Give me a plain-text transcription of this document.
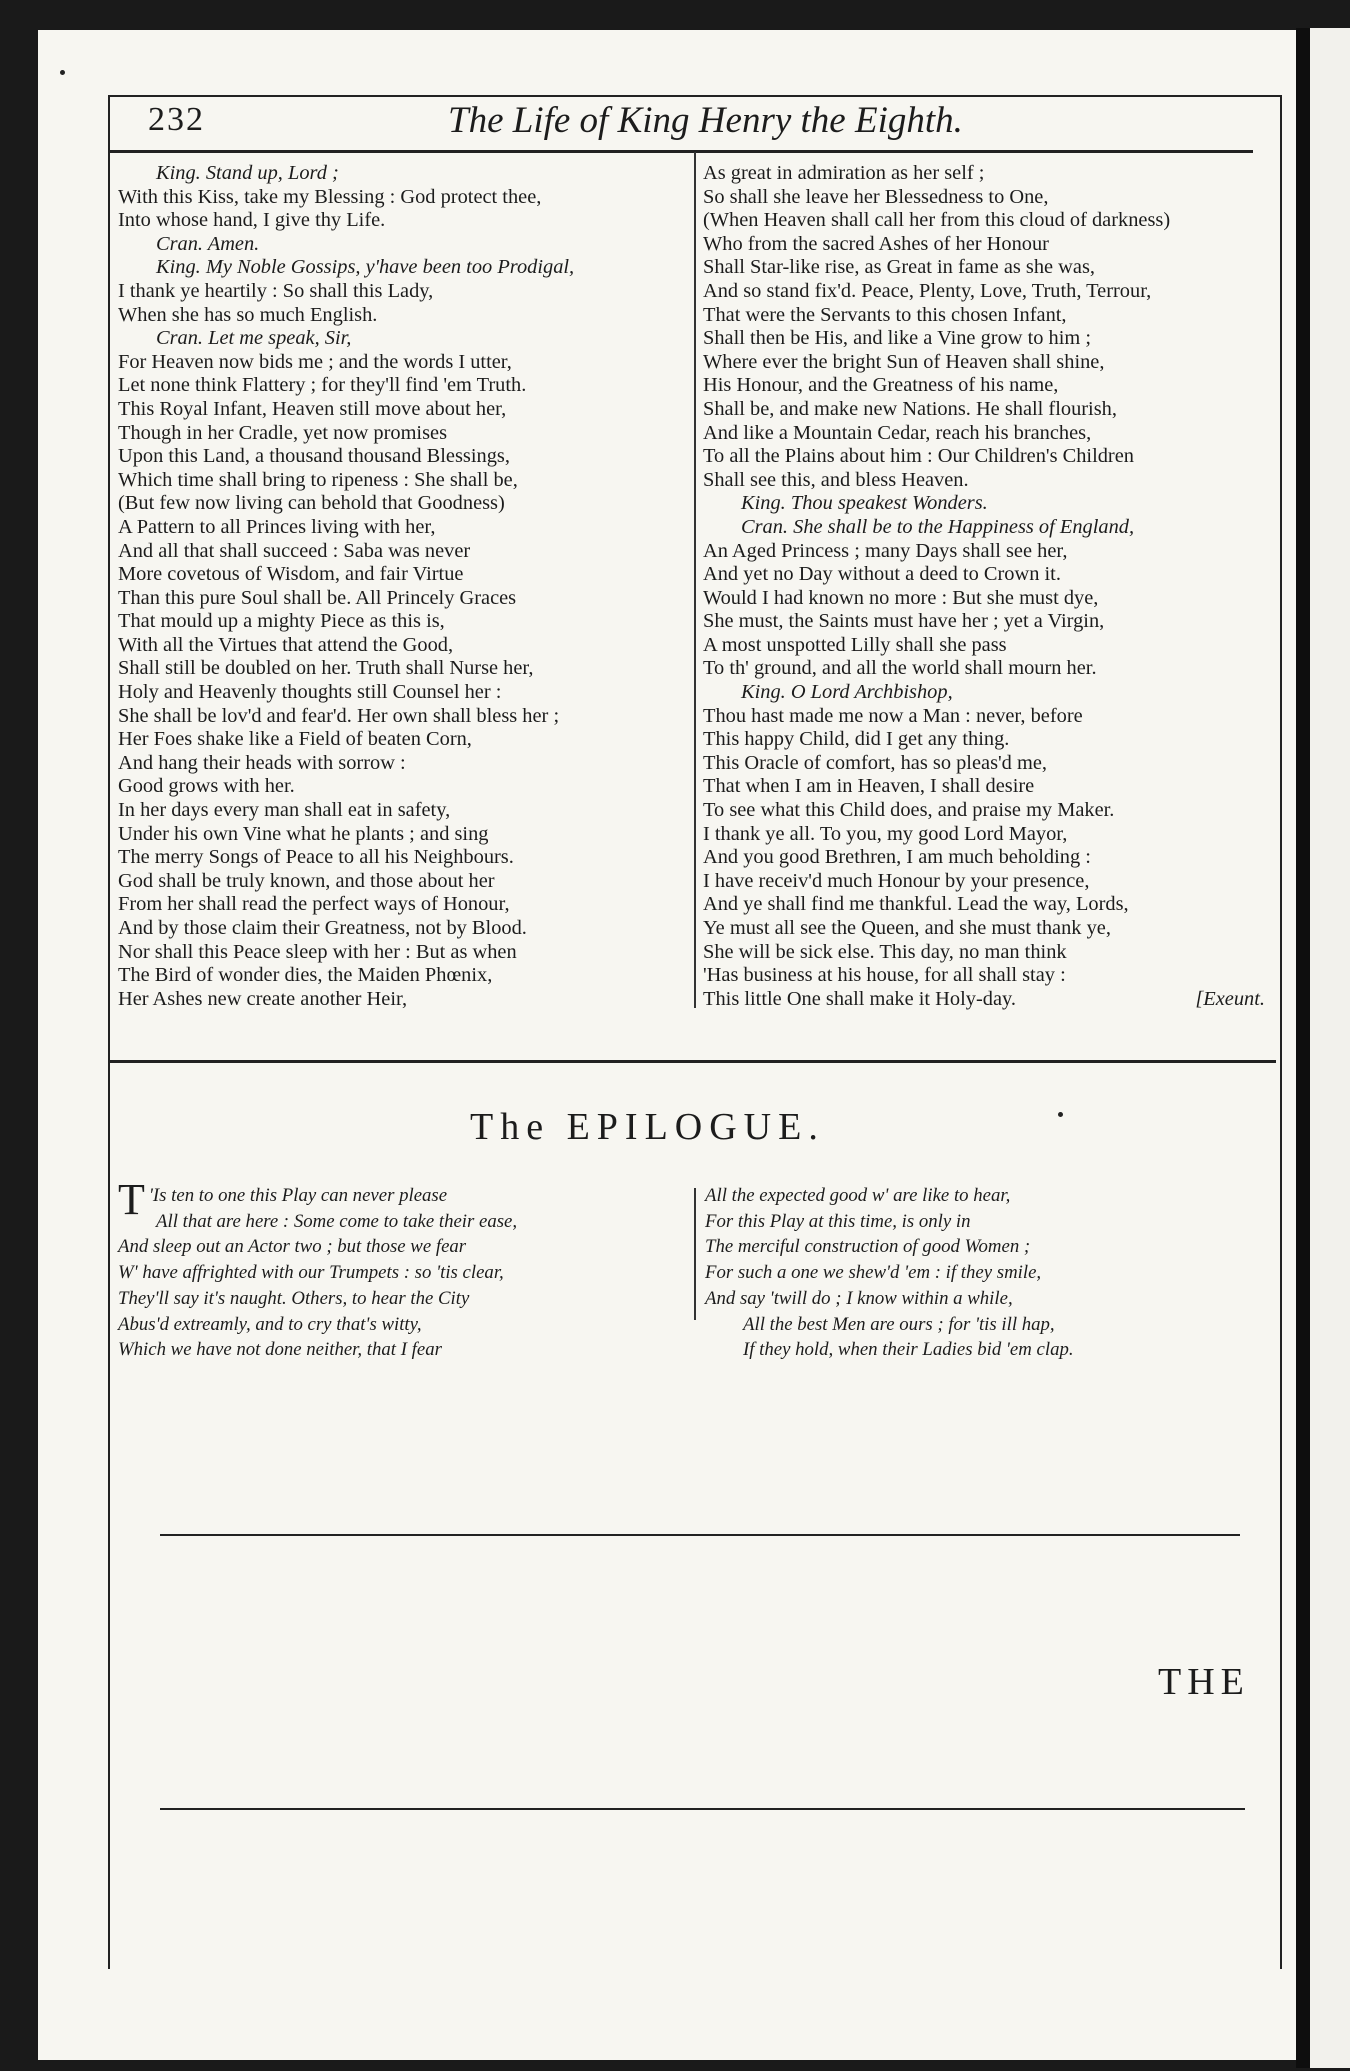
232	The Life of King Henry the Eighth.
King. Stand up, Lord ;
With this Kiss, take my Blessing : God protect thee,
Into whose hand, I give thy Life.
Cran. Amen.
King. My Noble Gossips, y'have been too Prodigal,
I thank ye heartily : So shall this Lady,
When she has so much English.
Cran. Let me speak, Sir,
For Heaven now bids me ; and the words I utter,
Let none think Flattery ; for they'll find 'em Truth.
This Royal Infant, Heaven still move about her,
Though in her Cradle, yet now promises
Upon this Land, a thousand thousand Blessings,
Which time shall bring to ripeness : She shall be,
(But few now living can behold that Goodness)
A Pattern to all Princes living with her,
And all that shall succeed : Saba was never
More covetous of Wisdom, and fair Virtue
Than this pure Soul shall be. All Princely Graces
That mould up a mighty Piece as this is,
With all the Virtues that attend the Good,
Shall still be doubled on her. Truth shall Nurse her,
Holy and Heavenly thoughts still Counsel her :
She shall be lov'd and fear'd. Her own shall bless her ;
Her Foes shake like a Field of beaten Corn,
And hang their heads with sorrow :
Good grows with her.
In her days every man shall eat in safety,
Under his own Vine what he plants ; and sing
The merry Songs of Peace to all his Neighbours.
God shall be truly known, and those about her
From her shall read the perfect ways of Honour,
And by those claim their Greatness, not by Blood.
Nor shall this Peace sleep with her : But as when
The Bird of wonder dies, the Maiden Phœnix,
Her Ashes new create another Heir,
As great in admiration as her self ;
So shall she leave her Blessedness to One,
(When Heaven shall call her from this cloud of darkness)
Who from the sacred Ashes of her Honour
Shall Star-like rise, as Great in fame as she was,
And so stand fix'd. Peace, Plenty, Love, Truth, Terrour,
That were the Servants to this chosen Infant,
Shall then be His, and like a Vine grow to him ;
Where ever the bright Sun of Heaven shall shine,
His Honour, and the Greatness of his name,
Shall be, and make new Nations. He shall flourish,
And like a Mountain Cedar, reach his branches,
To all the Plains about him : Our Children's Children
Shall see this, and bless Heaven.
King. Thou speakest Wonders.
Cran. She shall be to the Happiness of England,
An Aged Princess ; many Days shall see her,
And yet no Day without a deed to Crown it.
Would I had known no more : But she must dye,
She must, the Saints must have her ; yet a Virgin,
A most unspotted Lilly shall she pass
To th' ground, and all the world shall mourn her.
King. O Lord Archbishop,
Thou hast made me now a Man : never, before
This happy Child, did I get any thing.
This Oracle of comfort, has so pleas'd me,
That when I am in Heaven, I shall desire
To see what this Child does, and praise my Maker.
I thank ye all. To you, my good Lord Mayor,
And you good Brethren, I am much beholding :
I have receiv'd much Honour by your presence,
And ye shall find me thankful. Lead the way, Lords,
Ye must all see the Queen, and she must thank ye,
She will be sick else. This day, no man think
'Has business at his house, for all shall stay :
This little One shall make it Holy-day.	[Exeunt.
The EPILOGUE.
T 'Is ten to one this Play can never please
All that are here : Some come to take their ease,
And sleep out an Actor two ; but those we fear
W' have affrighted with our Trumpets : so 'tis clear,
They'll say it's naught. Others, to hear the City
Abus'd extreamly, and to cry that's witty,
Which we have not done neither, that I fear
All the expected good w' are like to hear,
For this Play at this time, is only in
The merciful construction of good Women ;
For such a one we shew'd 'em : if they smile,
And say 'twill do ; I know within a while,
All the best Men are ours ; for 'tis ill hap,
If they hold, when their Ladies bid 'em clap.
THE
